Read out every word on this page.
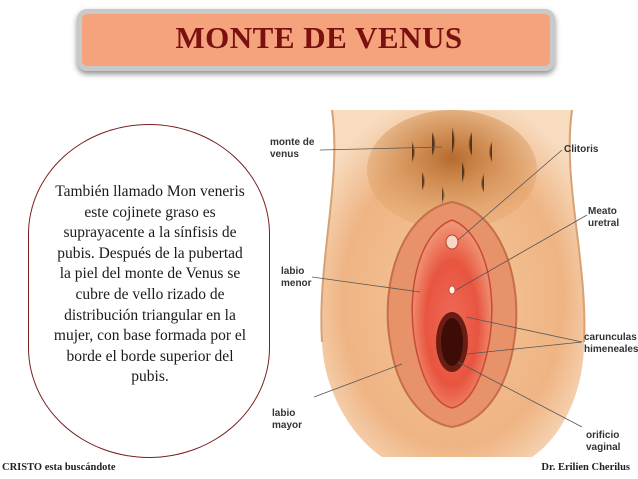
MONTE DE VENUS
También llamado Mon veneris
este cojinete graso es
suprayacente a la sínfisis de
pubis. Después de la pubertad
la piel del monte de Venus se
cubre de vello rizado de
distribución triangular en la
mujer, con base formada por el
borde el borde superior del
pubis.
monte de
venus	Clitoris
Meato
uretral
labio
menor
carunculas
himeneales
labio
mayor
orificio
vaginal
CRISTO esta buscándote	Dr. Erilien Cherilus
